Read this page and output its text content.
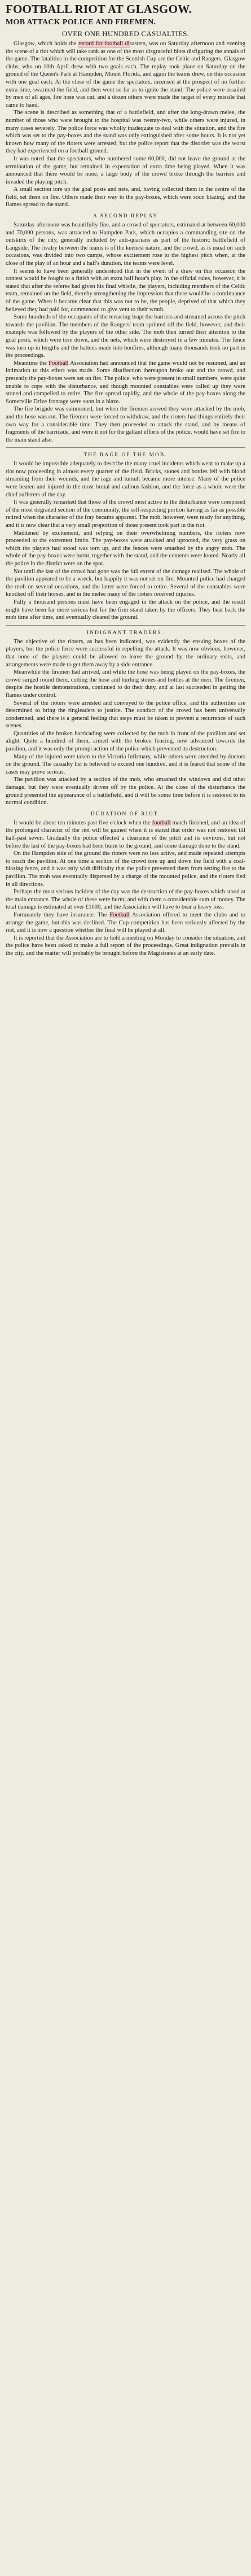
FOOTBALL RIOT AT GLASGOW.
MOB ATTACK POLICE AND FIREMEN.
OVER ONE HUNDRED CASUALTIES.

Glasgow, which holds the record for football disasters, was on Saturday afternoon and evening the scene of a riot which will take rank as one of the most disgraceful blots disfiguring the annals of the game. The fatalities in the competition for the Scottish Cup are the Celtic and Rangers, Glasgow clubs, who on 10th April drew with two goals each. The replay took place on Saturday on the ground of the Queen's Park at Hampden, Mount Florida, and again the teams drew, on this occasion with one goal each. At the close of the game the spectators, incensed at the prospect of no further extra time, swarmed the field, and then went so far as to ignite the stand. The police were assailed by men of all ages, fire hose was cut, and a dozen others were made the target of every missile that came to hand.

The scene is described as something that of a battlefield, and after the long-drawn melee, the number of those who were brought to the hospital was twenty-two, while others were injured, in many cases severely. The police force was wholly inadequate to deal with the situation, and the fire which was set to the pay-boxes and the stand was only extinguished after some hours. It is not yet known how many of the rioters were arrested, but the police report that the disorder was the worst they had experienced on a football ground.

It was noted that the spectators, who numbered some 60,000, did not leave the ground at the termination of the game, but remained in expectation of extra time being played. When it was announced that there would be none, a large body of the crowd broke through the barriers and invaded the playing pitch.

A small section tore up the goal posts and nets, and, having collected them in the centre of the field, set them on fire. Others made their way to the pay-boxes, which were soon blazing, and the flames spread to the stand.

A SECOND REPLAY

Saturday afternoon was beautifully fine, and a crowd of spectators, estimated at between 60,000 and 70,000 persons, was attracted to Hampden Park, which occupies a commanding site on the outskirts of the city, generally included by anti-quarians as part of the historic battlefield of Langside. The rivalry between the teams is of the keenest nature, and the crowd, as is usual on such occasions, was divided into two camps, whose excitement rose to the highest pitch when, at the close of the play of an hour and a half's duration, the teams were level.

It seems to have been generally understood that in the event of a draw on this occasion the contest would be fought to a finish with an extra half hour's play. In the official rules, however, it is stated that after the referee had given his final whistle, the players, including members of the Celtic team, remained on the field, thereby strengthening the impression that there would be a continuance of the game. When it became clear that this was not to be, the people, deprived of that which they believed they had paid for, commenced to give vent to their wrath.

Some hundreds of the occupants of the terracing leapt the barriers and streamed across the pitch towards the pavilion. The members of the Rangers' team sprinted off the field, however, and their example was followed by the players of the other side. The mob then turned their attention to the goal posts, which were torn down, and the nets, which were destroyed in a few minutes. The fence was torn up in lengths and the battens made into bonfires, although many thousands took no part in the proceedings.

Meantime the Football Association had announced that the game would not be resumed, and an intimation to this effect was made. Some disaffection thereupon broke out and the crowd, and presently the pay-boxes were set on fire. The police, who were present in small numbers, were quite unable to cope with the disturbance, and though mounted constables were called up they were stoned and compelled to retire. The fire spread rapidly, and the whole of the pay-boxes along the Somerville Drive frontage were soon in a blaze.

The fire brigade was summoned, but when the firemen arrived they were attacked by the mob, and the hose was cut. The firemen were forced to withdraw, and the rioters had things entirely their own way for a considerable time. They then proceeded to attack the stand, and by means of fragments of the barricade, and were it not for the gallant efforts of the police, would have set fire to the main stand also.

THE RAGE OF THE MOB.

It would be impossible adequately to describe the many cruel incidents which went to make up a riot now proceeding in almost every quarter of the field. Bricks, stones and bottles fell with blood streaming from their wounds, and the rage and tumult became more intense. Many of the police were beaten and injured in the most brutal and callous fashion, and the force as a whole were the chief sufferers of the day.

It was generally remarked that those of the crowd most active in the disturbance were composed of the most degraded section of the community, the self-respecting portion having as far as possible retired when the character of the fray became apparent. The mob, however, were ready for anything, and it is now clear that a very small proportion of those present took part in the riot.

Maddened by excitement, and relying on their overwhelming numbers, the rioters now proceeded to the extremest limits. The pay-boxes were attacked and uprooted, the very grass on which the players had stood was torn up, and the fences were smashed by the angry mob. The whole of the pay-boxes were burnt, together with the stand, and the contents were looted. Nearly all the police in the district were on the spot.

Not until the last of the crowd had gone was the full extent of the damage realised. The whole of the pavilion appeared to be a wreck, but happily it was not set on fire. Mounted police had charged the mob on several occasions, and the latter were forced to retire. Several of the constables were knocked off their horses, and in the melee many of the rioters received injuries.

Fully a thousand persons must have been engaged in the attack on the police, and the result might have been far more serious but for the firm stand taken by the officers. They beat back the mob time after time, and eventually cleared the ground.

INDIGNANT TRADERS.

The objective of the rioters, as has been indicated, was evidently the ensuing boxes of the players, but the police force were successful in repelling the attack. It was now obvious, however, that none of the players could be allowed to leave the ground by the ordinary exits, and arrangements were made to get them away by a side entrance.

Meanwhile the firemen had arrived, and while the hose was being played on the pay-boxes, the crowd surged round them, cutting the hose and hurling stones and bottles at the men. The firemen, despite the hostile demonstrations, continued to do their duty, and at last succeeded in getting the flames under control.

Several of the rioters were arrested and conveyed to the police office, and the authorities are determined to bring the ringleaders to justice. The conduct of the crowd has been universally condemned, and there is a general feeling that steps must be taken to prevent a recurrence of such scenes.

Quantities of the broken barricading were collected by the mob in front of the pavilion and set alight. Quite a hundred of them, armed with the broken fencing, now advanced towards the pavilion, and it was only the prompt action of the police which prevented its destruction.

Many of the injured were taken to the Victoria Infirmary, while others were attended by doctors on the ground. The casualty list is believed to exceed one hundred, and it is feared that some of the cases may prove serious.

The pavilion was attacked by a section of the mob, who smashed the windows and did other damage, but they were eventually driven off by the police. At the close of the disturbance the ground presented the appearance of a battlefield, and it will be some time before it is restored to its normal condition.

DURATION OF RIOT.

It would be about ten minutes past five o'clock when the football match finished, and an idea of the prolonged character of the riot will be gained when it is stated that order was not restored till half-past seven. Gradually the police effected a clearance of the pitch and its environs, but not before the last of the pay-boxes had been burnt to the ground, and some damage done to the stand.

On the Hampden side of the ground the rioters were no less active, and made repeated attempts to reach the pavilion. At one time a section of the crowd tore up and down the field with a coal-blazing fence, and it was only with difficulty that the police prevented them from setting fire to the pavilion. The mob was eventually dispersed by a charge of the mounted police, and the rioters fled in all directions.

Perhaps the most serious incident of the day was the destruction of the pay-boxes which stood at the main entrance. The whole of these were burnt, and with them a considerable sum of money. The total damage is estimated at over £1000, and the Association will have to bear a heavy loss.

Fortunately they have insurance. The Football Association offered to meet the clubs and to arrange the game, but this was declined. The Cup competition has been seriously affected by the riot, and it is now a question whether the final will be played at all.

It is reported that the Association are to hold a meeting on Monday to consider the situation, and the police have been asked to make a full report of the proceedings. Great indignation prevails in the city, and the matter will probably be brought before the Magistrates at an early date.
